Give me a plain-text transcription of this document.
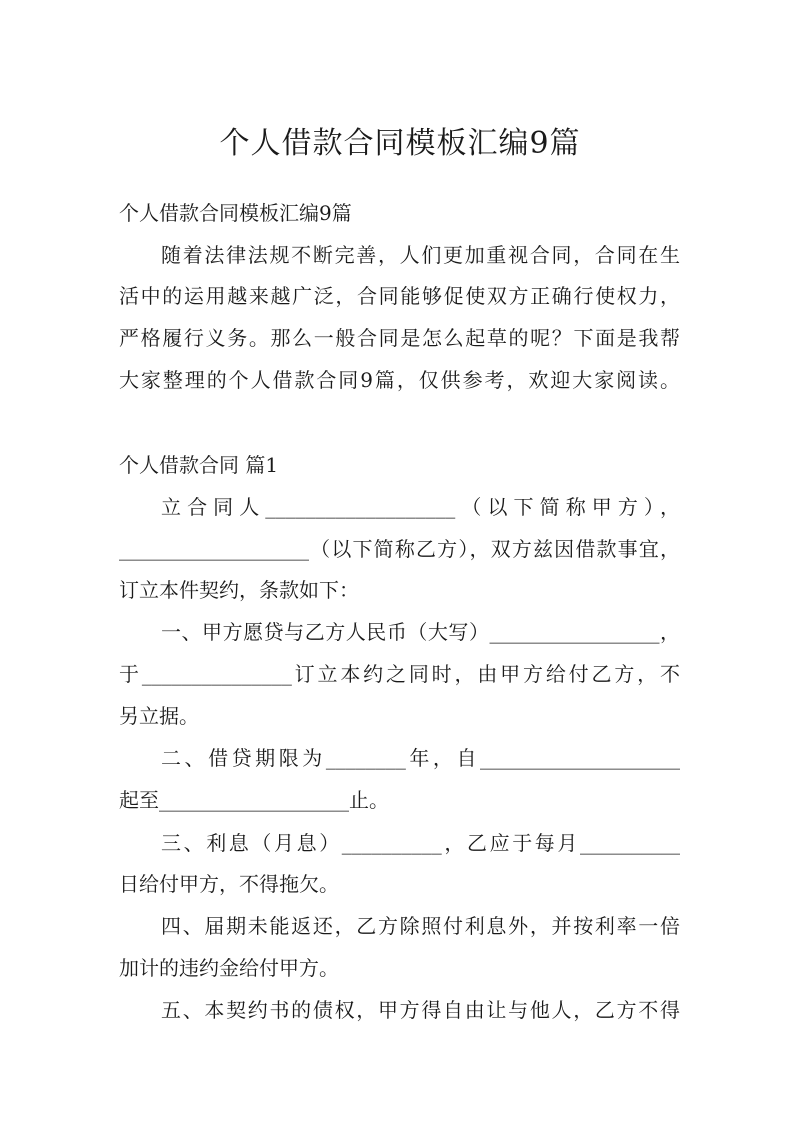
个人借款合同模板汇编9篇
个人借款合同模板汇编9篇
随着法律法规不断完善，人们更加重视合同，合同在生
活中的运用越来越广泛，合同能够促使双方正确行使权力，
严格履行义务。那么一般合同是怎么起草的呢？下面是我帮
大家整理的个人借款合同9篇，仅供参考，欢迎大家阅读。
个人借款合同 篇1
立合同人___________________（以下简称甲方），
___________________（以下简称乙方），双方兹因借款事宜，
订立本件契约，条款如下：
一、甲方愿贷与乙方人民币（大写）_________________，
于_______________订立本约之同时，由甲方给付乙方，不
另立据。
二、借贷期限为________年，自____________________
起至___________________止。
三、利息（月息）__________，乙应于每月__________
日给付甲方，不得拖欠。
四、届期未能返还，乙方除照付利息外，并按利率一倍
加计的违约金给付甲方。
五、本契约书的债权，甲方得自由让与他人，乙方不得
